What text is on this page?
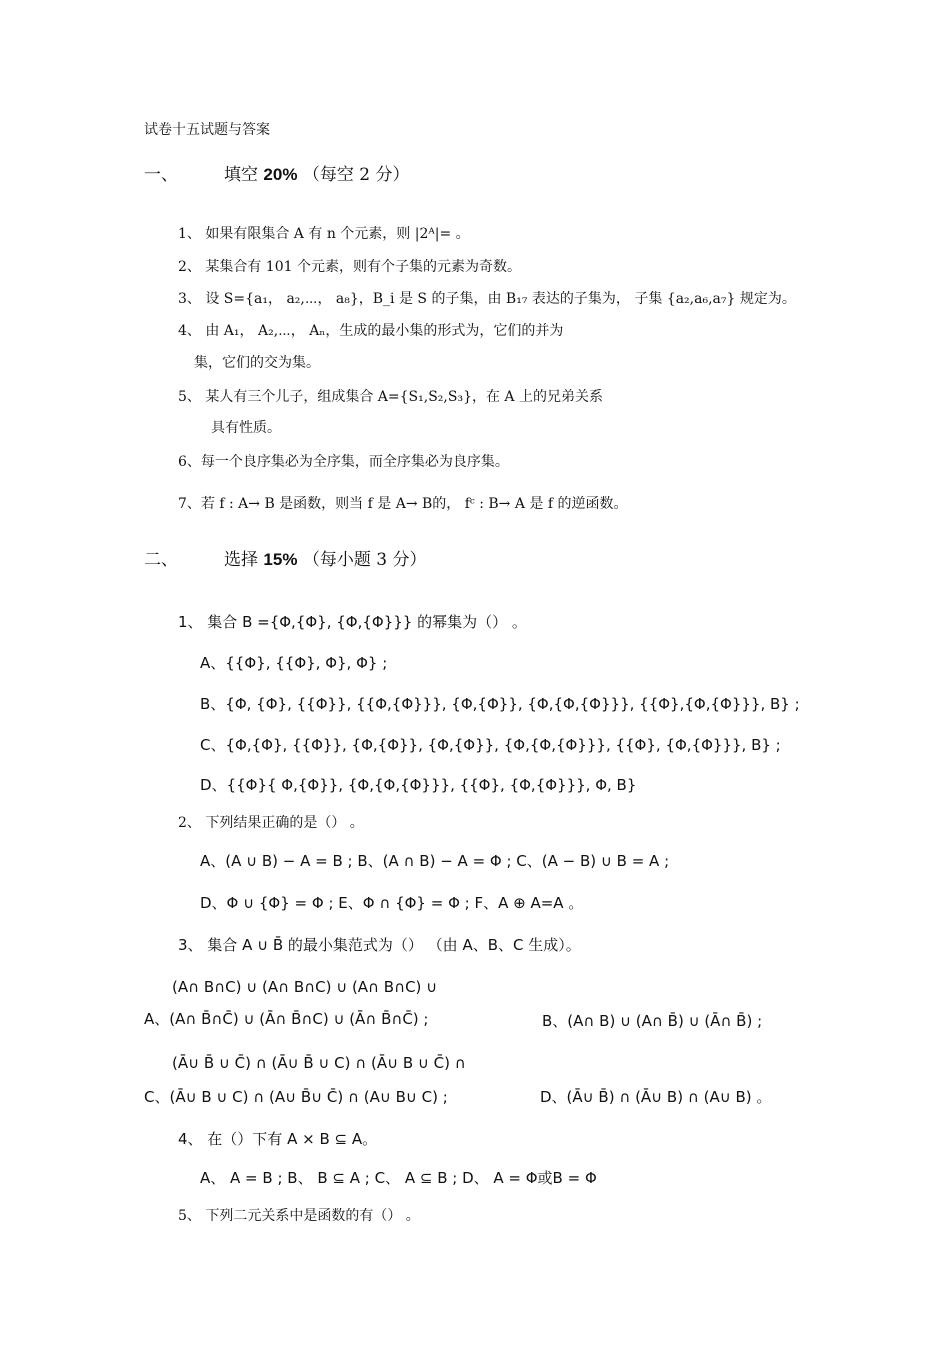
试卷十五试题与答案
一、	填空 20% （每空 2 分）
1、 如果有限集合 A 有 n 个元素，则 |2ᴬ|= 。
2、 某集合有 101 个元素，则有个子集的元素为奇数。
3、 设 S={a₁， a₂,⋯， a₈}，B_i 是 S 的子集，由 B₁₇ 表达的子集为， 子集 {a₂,a₆,a₇} 规定为。
4、 由 A₁， A₂,⋯， Aₙ，生成的最小集的形式为，它们的并为
集，它们的交为集。
5、 某人有三个儿子，组成集合 A={S₁,S₂,S₃}，在 A 上的兄弟关系
具有性质。
6、每一个良序集必为全序集，而全序集必为良序集。
7、若 f : A→ B 是函数，则当 f 是 A→ B的， fᶜ : B→ A 是 f 的逆函数。
二、	选择 15% （每小题 3 分）
1、 集合 B ={Φ,{Φ}, {Φ,{Φ}}} 的幂集为（） 。
A、{{Φ}, {{Φ}, Φ}, Φ} ;
B、{Φ, {Φ}, {{Φ}}, {{Φ,{Φ}}}, {Φ,{Φ}}, {Φ,{Φ,{Φ}}}, {{Φ},{Φ,{Φ}}}, B} ;
C、{Φ,{Φ}, {{Φ}}, {Φ,{Φ}}, {Φ,{Φ}}, {Φ,{Φ,{Φ}}}, {{Φ}, {Φ,{Φ}}}, B} ;
D、{{Φ}{ Φ,{Φ}}, {Φ,{Φ,{Φ}}}, {{Φ}, {Φ,{Φ}}}, Φ, B}
2、 下列结果正确的是（） 。
A、(A ∪ B) − A = B ; B、(A ∩ B) − A = Φ ; C、(A − B) ∪ B = A ;
D、Φ ∪ {Φ} = Φ ; E、Φ ∩ {Φ} = Φ ; F、A ⊕ A=A 。
3、 集合 A ∪ B̄ 的最小集范式为（） （由 A、B、C 生成）。
(A∩ B∩C) ∪ (A∩ B∩C) ∪ (A∩ B∩C) ∪
A、(A∩ B̄∩C̄) ∪ (Ā∩ B̄∩C) ∪ (Ā∩ B̄∩C̄) ;	B、(A∩ B) ∪ (A∩ B̄) ∪ (Ā∩ B̄) ;
(Ā∪ B̄ ∪ C̄) ∩ (Ā∪ B̄ ∪ C) ∩ (Ā∪ B ∪ C̄) ∩
C、(Ā∪ B ∪ C) ∩ (A∪ B̄∪ C̄) ∩ (A∪ B∪ C) ;	D、(Ā∪ B̄) ∩ (Ā∪ B) ∩ (A∪ B) 。
4、 在（）下有 A × B ⊆ A。
A、 A = B ; B、 B ⊆ A ; C、 A ⊆ B ; D、 A = Φ或B = Φ
5、 下列二元关系中是函数的有（） 。
